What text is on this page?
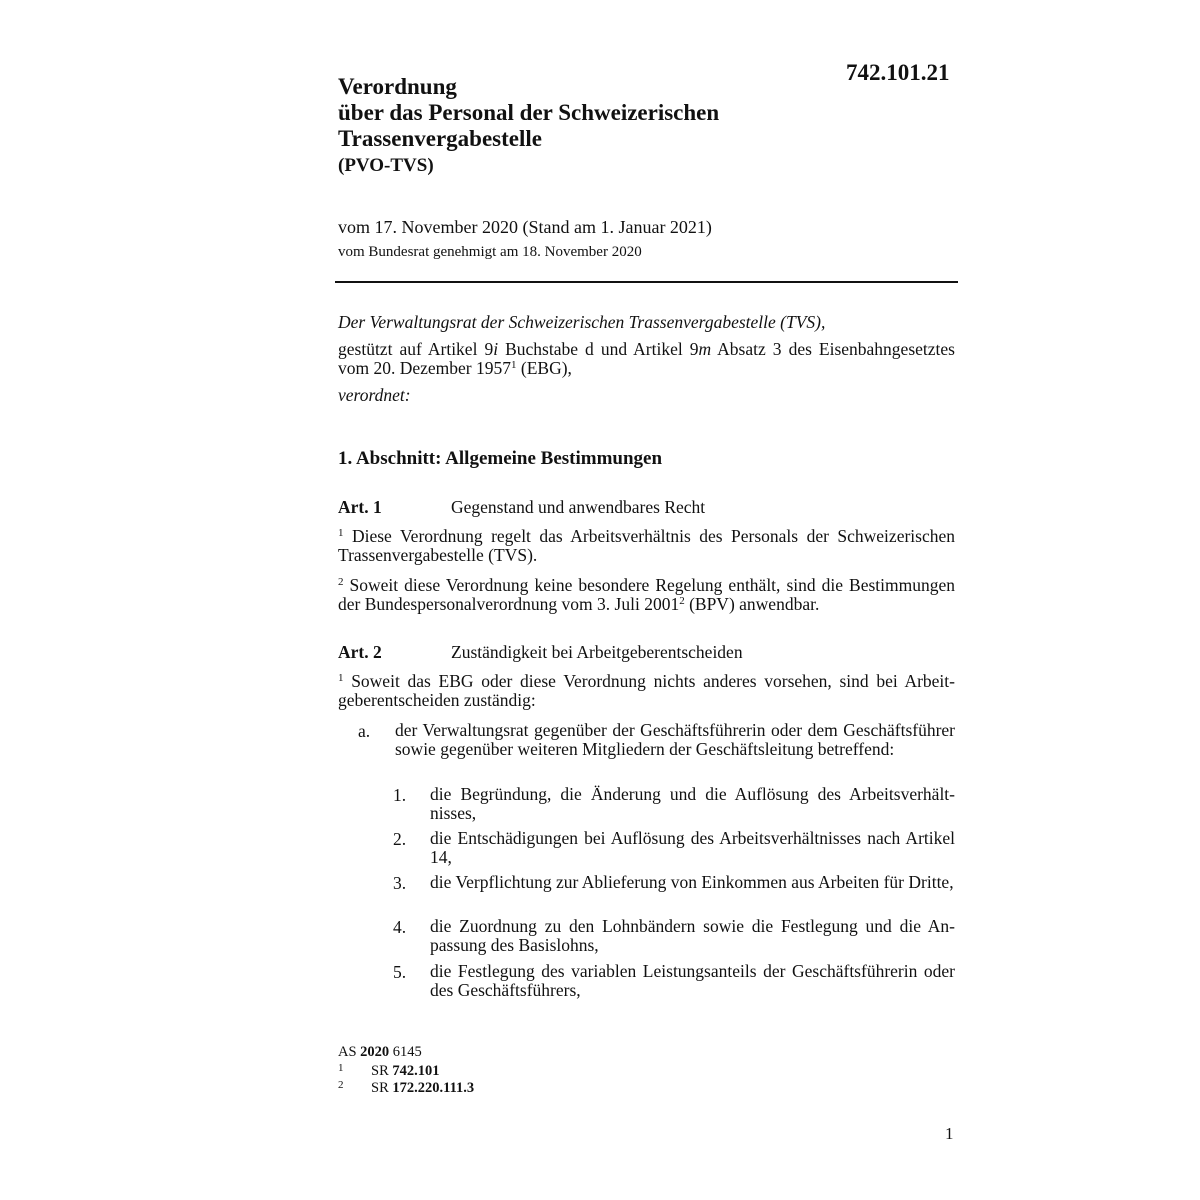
742.101.21
Verordnung
über das Personal der Schweizerischen
Trassenvergabestelle
(PVO-TVS)
vom 17. November 2020 (Stand am 1. Januar 2021)
vom Bundesrat genehmigt am 18. November 2020
Der Verwaltungsrat der Schweizerischen Trassenvergabestelle (TVS),
gestützt auf Artikel 9i Buchstabe d und Artikel 9m Absatz 3 des Eisenbahngesetztes vom 20. Dezember 1957$^1$ (EBG),
verordnet:
1. Abschnitt: Allgemeine Bestimmungen
Art. 1	Gegenstand und anwendbares Recht
$^1$ Diese Verordnung regelt das Arbeitsverhältnis des Personals der Schweizerischen Trassenvergabestelle (TVS).
$^2$ Soweit diese Verordnung keine besondere Regelung enthält, sind die Bestimmungen der Bundespersonalverordnung vom 3. Juli 2001$^2$ (BPV) anwendbar.
Art. 2	Zuständigkeit bei Arbeitgeberentscheiden
$^1$ Soweit das EBG oder diese Verordnung nichts anderes vorsehen, sind bei Arbeitgeberentscheiden zuständig:
a. der Verwaltungsrat gegenüber der Geschäftsführerin oder dem Geschäftsführer sowie gegenüber weiteren Mitgliedern der Geschäftsleitung betreffend:
1. die Begründung, die Änderung und die Auflösung des Arbeitsverhältnisses,
2. die Entschädigungen bei Auflösung des Arbeitsverhältnisses nach Artikel 14,
3. die Verpflichtung zur Ablieferung von Einkommen aus Arbeiten für Dritte,
4. die Zuordnung zu den Lohnbändern sowie die Festlegung und die Anpassung des Basislohns,
5. die Festlegung des variablen Leistungsanteils der Geschäftsführerin oder des Geschäftsführers,
AS 2020 6145
1 SR 742.101
2 SR 172.220.111.3
1
